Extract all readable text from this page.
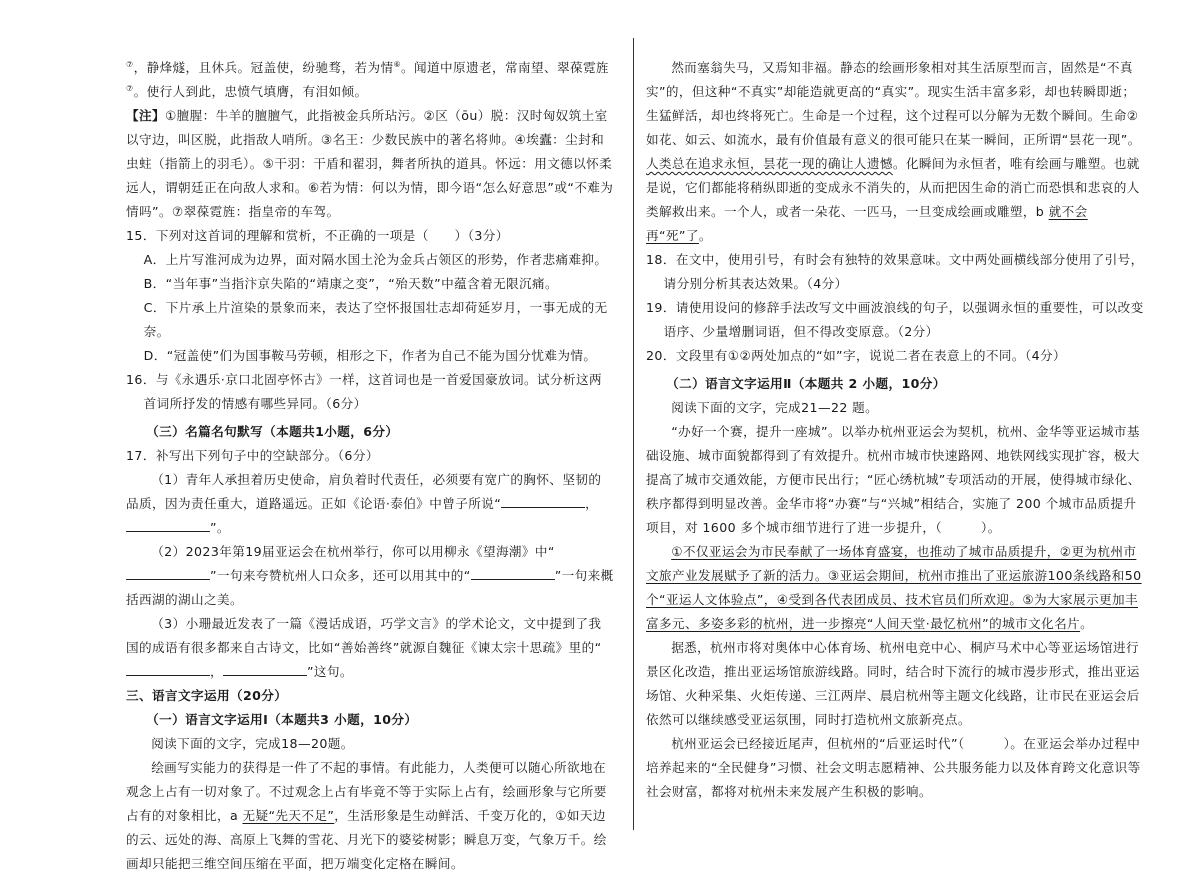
⑦，静烽燧，且休兵。冠盖使，纷驰骛，若为情⑥。闻道中原遗老，常南望、翠葆霓旌⑦。使行人到此，忠愤气填膺，有泪如倾。

【注】①膻腥：牛羊的膻膻气，此指被金兵所玷污。②区（ōu）脱：汉时匈奴筑土室以守边，叫区脱，此指敌人哨所。③名王：少数民族中的著名将帅。④埃蠹：尘封和虫蛀（指箭上的羽毛）。⑤干羽：干盾和翟羽，舞者所执的道具。怀远：用文德以怀柔远人，谓朝廷正在向敌人求和。⑥若为情：何以为情，即今语“怎么好意思”或“不难为情吗”。⑦翠葆霓旌：指皇帝的车驾。

15．下列对这首词的理解和赏析，不正确的一项是（　　）（3分）

A．上片写淮河成为边界，面对隔水国土沦为金兵占领区的形势，作者悲痛难抑。

B．“当年事”当指汴京失陷的“靖康之变”，“殆天数”中蕴含着无限沉痛。

C．下片承上片渲染的景象而来，表达了空怀报国壮志却荷延岁月，一事无成的无奈。

D．“冠盖使”们为国事鞍马劳顿，相形之下，作者为自己不能为国分忧难为情。

16．与《永遇乐·京口北固亭怀古》一样，这首词也是一首爱国豪放词。试分析这两首词所抒发的情感有哪些异同。（6分）

（三）名篇名句默写（本题共1小题，6分）

17．补写出下列句子中的空缺部分。（6分）

（1）青年人承担着历史使命，肩负着时代责任，必须要有宽广的胸怀、坚韧的品质，因为责任重大，道路遥远。正如《论语·泰伯》中曾子所说“	，”。

（2）2023年第19届亚运会在杭州举行，你可以用柳永《望海潮》中“”一句来夸赞杭州人口众多，还可以用其中的“	”一句来概括西湖的湖山之美。

（3）小珊最近发表了一篇《漫话成语，巧学文言》的学术论文，文中提到了我国的成语有很多都来自古诗文，比如“善始善终”就源自魏征《谏太宗十思疏》里的“，	”这句。

三、语言文字运用（20分）

（一）语言文字运用Ⅰ（本题共3 小题，10分）

阅读下面的文字，完成18—20题。

绘画写实能力的获得是一件了不起的事情。有此能力，人类便可以随心所欲地在观念上占有一切对象了。不过观念上占有毕竟不等于实际上占有，绘画形象与它所要占有的对象相比，a 无疑“先天不足”，生活形象是生动鲜活、千变万化的，①如天边的云、远处的海、高原上飞舞的雪花、月光下的婆娑树影；瞬息万变，气象万千。绘画却只能把三维空间压缩在平面，把万端变化定格在瞬间。

然而塞翁失马，又焉知非福。静态的绘画形象相对其生活原型而言，固然是“不真实”的，但这种“不真实”却能造就更高的“真实”。现实生活丰富多彩，却也转瞬即逝；生猛鲜活，却也终将死亡。生命是一个过程，这个过程可以分解为无数个瞬间。生命②如花、如云、如流水，最有价值最有意义的很可能只在某一瞬间，正所谓“昙花一现”。人类总在追求永恒，昙花一现的确让人遗憾。化瞬间为永恒者，唯有绘画与雕塑。也就是说，它们都能将稍纵即逝的变成永不消失的，从而把因生命的消亡而恐惧和悲哀的人类解救出来。一个人，或者一朵花、一匹马，一旦变成绘画或雕塑，b 就不会再“死”了。

18．在文中，使用引号，有时会有独特的效果意味。文中两处画横线部分使用了引号，请分别分析其表达效果。（4分）

19．请使用设问的修辞手法改写文中画波浪线的句子，以强调永恒的重要性，可以改变语序、少量增删词语，但不得改变原意。（2分）

20．文段里有①②两处加点的“如”字，说说二者在表意上的不同。（4分）

（二）语言文字运用Ⅱ（本题共 2 小题，10分）

阅读下面的文字，完成21—22 题。

“办好一个赛，提升一座城”。以举办杭州亚运会为契机，杭州、金华等亚运城市基础设施、城市面貌都得到了有效提升。杭州市城市快速路网、地铁网线实现扩容，极大提高了城市交通效能，方便市民出行；“匠心绣杭城”专项活动的开展，使得城市绿化、秩序都得到明显改善。金华市将“办赛”与“兴城”相结合，实施了 200 个城市品质提升项目，对 1600 多个城市细节进行了进一步提升，（　　　）。

①不仅亚运会为市民奉献了一场体育盛宴，也推动了城市品质提升，②更为杭州市文旅产业发展赋予了新的活力。③亚运会期间，杭州市推出了亚运旅游100条线路和50个“亚运人文体验点”，④受到各代表团成员、技术官员们所欢迎。⑤为大家展示更加丰富多元、多姿多彩的杭州，进一步擦亮“人间天堂·最忆杭州”的城市文化名片。

据悉，杭州市将对奥体中心体育场、杭州电竞中心、桐庐马术中心等亚运场馆进行景区化改造，推出亚运场馆旅游线路。同时，结合时下流行的城市漫步形式，推出亚运场馆、火种采集、火炬传递、三江两岸、晨启杭州等主题文化线路，让市民在亚运会后依然可以继续感受亚运氛围，同时打造杭州文旅新亮点。

杭州亚运会已经接近尾声，但杭州的“后亚运时代”（　　　）。在亚运会举办过程中培养起来的“全民健身”习惯、社会文明志愿精神、公共服务能力以及体育跨文化意识等社会财富，都将对杭州未来发展产生积极的影响。
